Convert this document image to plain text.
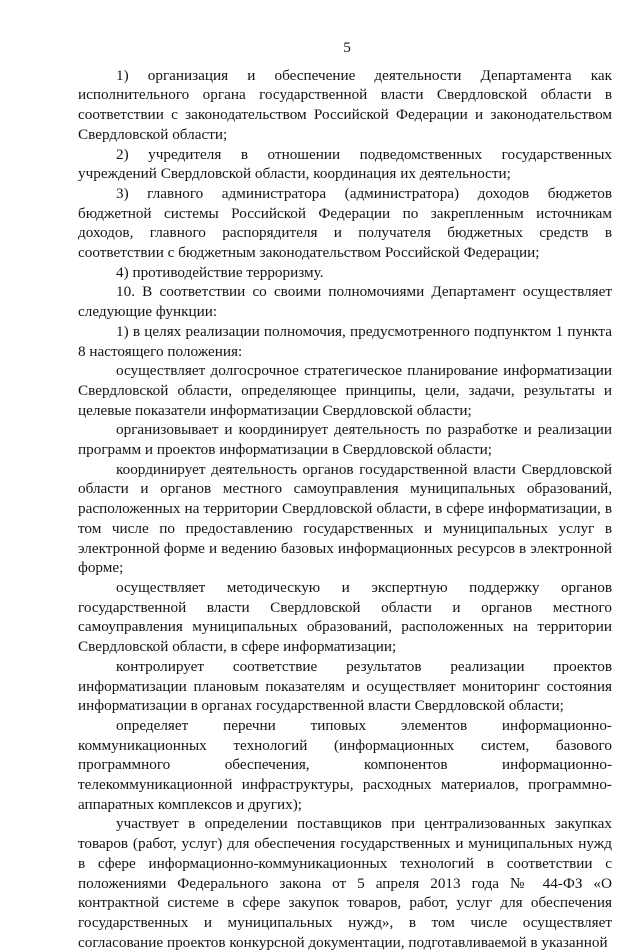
5

1) организация и обеспечение деятельности Департамента как исполнительного органа государственной власти Свердловской области в соответствии с законодательством Российской Федерации и законодательством Свердловской области;

2) учредителя в отношении подведомственных государственных учреждений Свердловской области, координация их деятельности;

3) главного администратора (администратора) доходов бюджетов бюджетной системы Российской Федерации по закрепленным источникам доходов, главного распорядителя и получателя бюджетных средств в соответствии с бюджетным законодательством Российской Федерации;

4) противодействие терроризму.

10. В соответствии со своими полномочиями Департамент осуществляет следующие функции:

1) в целях реализации полномочия, предусмотренного подпунктом 1 пункта 8 настоящего положения:

осуществляет долгосрочное стратегическое планирование информатизации Свердловской области, определяющее принципы, цели, задачи, результаты и целевые показатели информатизации Свердловской области;

организовывает и координирует деятельность по разработке и реализации программ и проектов информатизации в Свердловской области;

координирует деятельность органов государственной власти Свердловской области и органов местного самоуправления муниципальных образований, расположенных на территории Свердловской области, в сфере информатизации, в том числе по предоставлению государственных и муниципальных услуг в электронной форме и ведению базовых информационных ресурсов в электронной форме;

осуществляет методическую и экспертную поддержку органов государственной власти Свердловской области и органов местного самоуправления муниципальных образований, расположенных на территории Свердловской области, в сфере информатизации;

контролирует соответствие результатов реализации проектов информатизации плановым показателям и осуществляет мониторинг состояния информатизации в органах государственной власти Свердловской области;

определяет перечни типовых элементов информационно-коммуникационных технологий (информационных систем, базового программного обеспечения, компонентов информационно-телекоммуникационной инфраструктуры, расходных материалов, программно-аппаратных комплексов и других);

участвует в определении поставщиков при централизованных закупках товаров (работ, услуг) для обеспечения государственных и муниципальных нужд в сфере информационно-коммуникационных технологий в соответствии с положениями Федерального закона от 5 апреля 2013 года № 44-ФЗ «О контрактной системе в сфере закупок товаров, работ, услуг для обеспечения государственных и муниципальных нужд», в том числе осуществляет согласование проектов конкурсной документации, подготавливаемой в указанной
